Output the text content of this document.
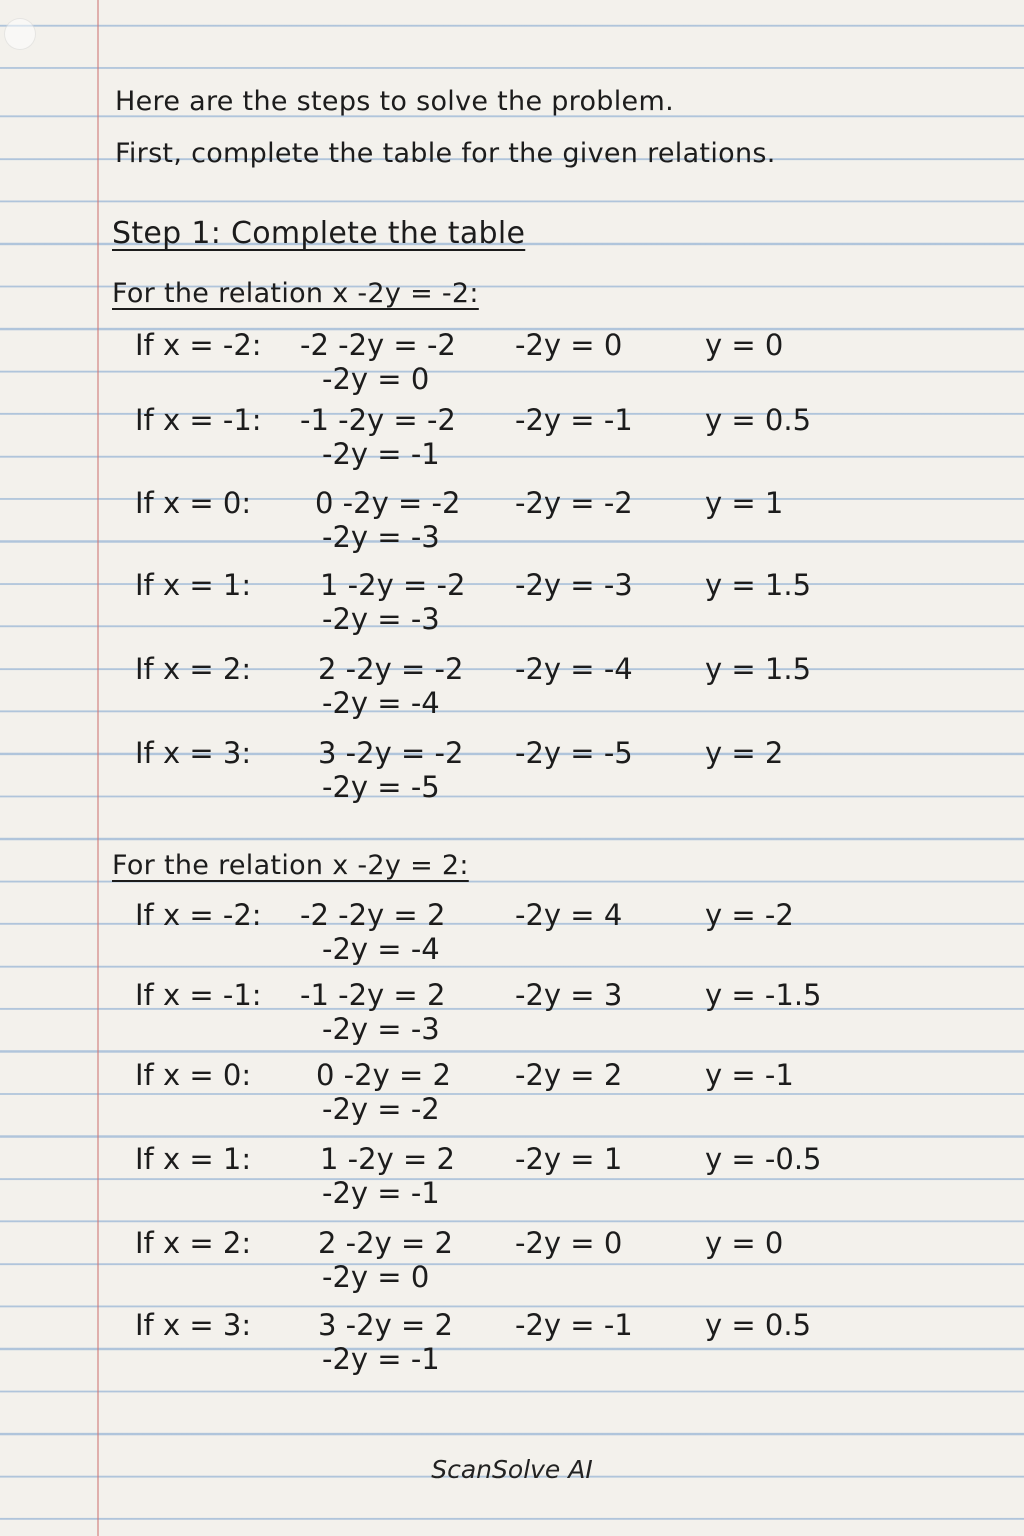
Here are the steps to solve the problem.
First, complete the table for the given relations.
Step 1: Complete the table
For the relation x -2y = -2:
If x = -2: -2 -2y = -2
-2y = 0
-2y = 0	y = 0
If x = -1: -1 -2y = -2
-2y = -1
-2y = -1 y = 0.5
If x = 0: 0 -2y = -2
-2y = -3
-2y = -2 y = 1
If x = 1: 1 -2y = -2
-2y = -3
-2y = -3 y = 1.5
If x = 2: 2 -2y = -2
-2y = -4
-2y = -4 y = 1.5
If x = 3: 3 -2y = -2
-2y = -5
-2y = -5 y = 2
For the relation x -2y = 2:
If x = -2: -2 -2y = 2
-2y = -4
-2y = 4	y = -2
If x = -1: -1 -2y = 2
-2y = -3
-2y = 3	y = -1.5
If x = 0: 0 -2y = 2
-2y = -2
-2y = 2	y = -1
If x = 1: 1 -2y = 2
-2y = -1
-2y = 1	y = -0.5
If x = 2: 2 -2y = 2
-2y = 0
-2y = 0	y = 0
If x = 3: 3 -2y = 2
-2y = -1
-2y = -1 y = 0.5
ScanSolve AI
